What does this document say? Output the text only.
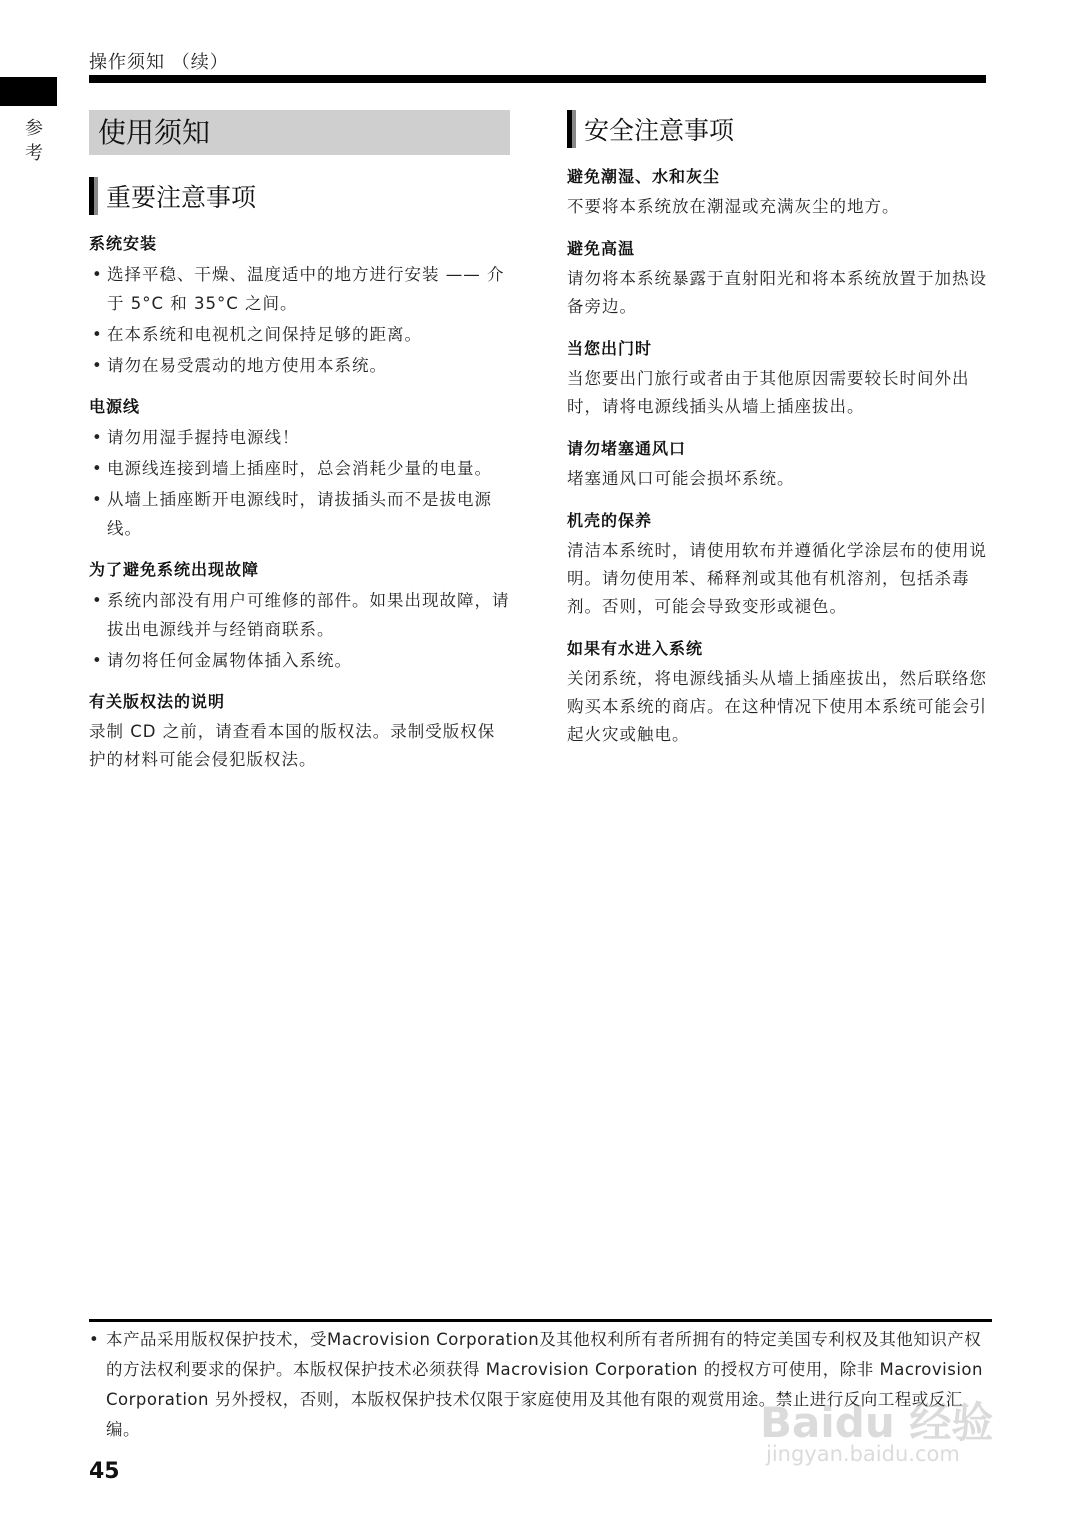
操作须知 （续）
参
考
使用须知
重要注意事项
系统安装
• 选择平稳、干燥、温度适中的地方进行安装 —— 介于 5°C 和 35°C 之间。
• 在本系统和电视机之间保持足够的距离。
• 请勿在易受震动的地方使用本系统。
电源线
• 请勿用湿手握持电源线！
• 电源线连接到墙上插座时，总会消耗少量的电量。
• 从墙上插座断开电源线时，请拔插头而不是拔电源线。
为了避免系统出现故障
• 系统内部没有用户可维修的部件。如果出现故障，请拔出电源线并与经销商联系。
• 请勿将任何金属物体插入系统。
有关版权法的说明
录制 CD 之前，请查看本国的版权法。录制受版权保护的材料可能会侵犯版权法。
安全注意事项
避免潮湿、水和灰尘
不要将本系统放在潮湿或充满灰尘的地方。
避免高温
请勿将本系统暴露于直射阳光和将本系统放置于加热设备旁边。
当您出门时
当您要出门旅行或者由于其他原因需要较长时间外出时，请将电源线插头从墙上插座拔出。
请勿堵塞通风口
堵塞通风口可能会损坏系统。
机壳的保养
清洁本系统时，请使用软布并遵循化学涂层布的使用说明。请勿使用苯、稀释剂或其他有机溶剂，包括杀毒剂。否则，可能会导致变形或褪色。
如果有水进入系统
关闭系统，将电源线插头从墙上插座拔出，然后联络您购买本系统的商店。在这种情况下使用本系统可能会引起火灾或触电。
• 本产品采用版权保护技术，受Macrovision Corporation及其他权利所有者所拥有的特定美国专利权及其他知识产权的方法权利要求的保护。本版权保护技术必须获得 Macrovision Corporation 的授权方可使用，除非 Macrovision Corporation 另外授权，否则，本版权保护技术仅限于家庭使用及其他有限的观赏用途。禁止进行反向工程或反汇编。
45
Baidu 经验
jingyan.baidu.com
